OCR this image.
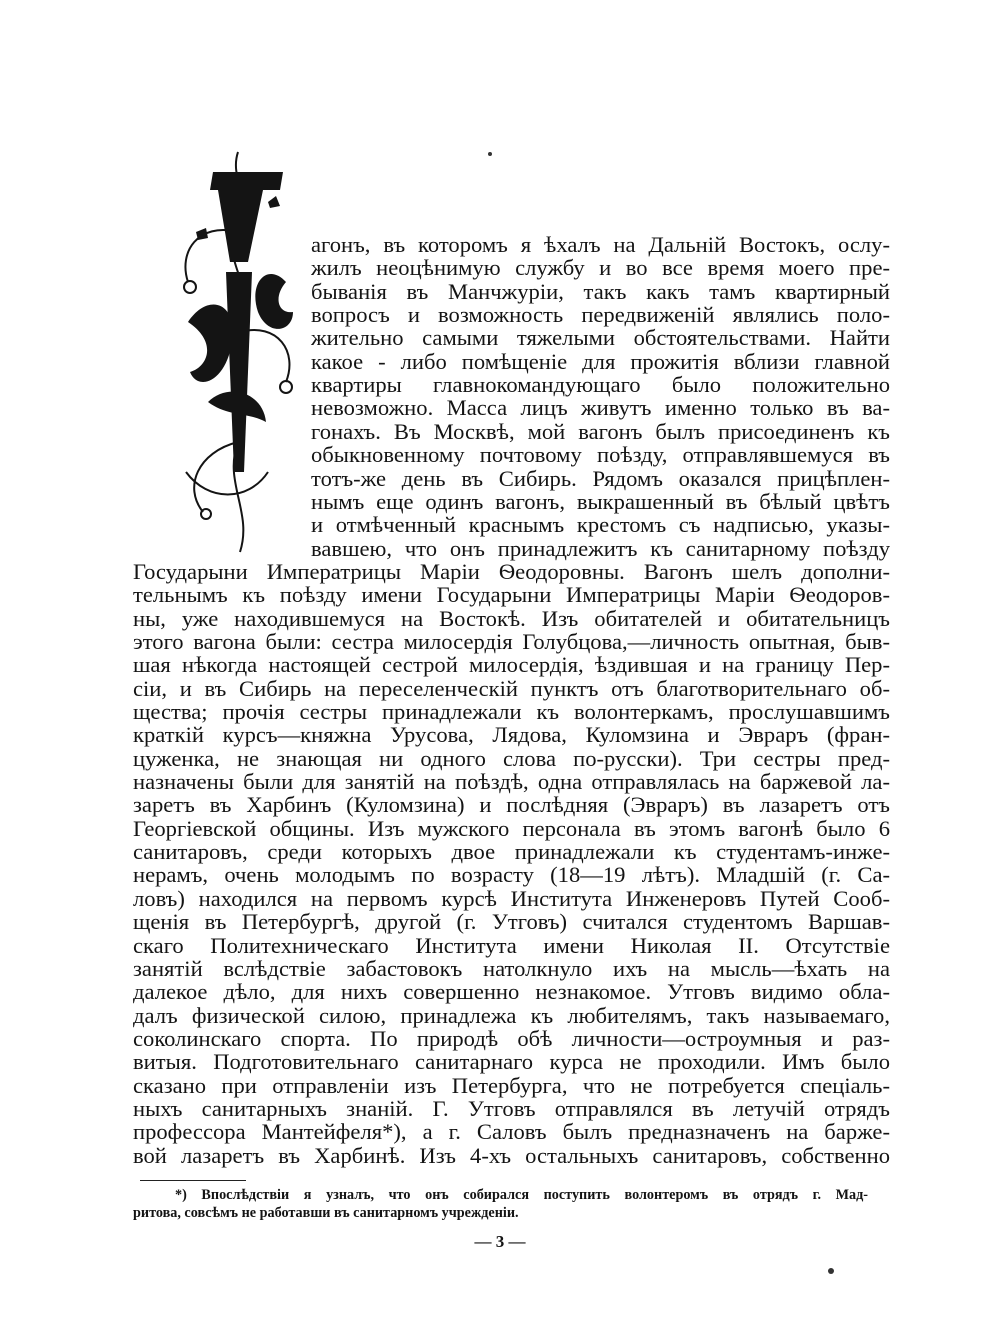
агонъ, въ которомъ я ѣхалъ на Дальній Востокъ, ослу-

жилъ неоцѣнимую службу и во все время моего пре-

быванія въ Манчжуріи, такъ какъ тамъ квартирный

вопросъ и возможность передвиженій являлись поло-

жительно самыми тяжелыми обстоятельствами. Найти

какое - либо помѣщеніе для прожитія вблизи главной

квартиры главнокомандующаго было положительно

невозможно. Масса лицъ живутъ именно только въ ва-

гонахъ. Въ Москвѣ, мой вагонъ былъ присоединенъ къ

обыкновенному почтовому поѣзду, отправлявшемуся въ

тотъ-же день въ Сибирь. Рядомъ оказался прицѣплен-

нымъ еще одинъ вагонъ, выкрашенный въ бѣлый цвѣтъ

и отмѣченный краснымъ крестомъ съ надписью, указы-

вавшею, что онъ принадлежитъ къ санитарному поѣзду

Государыни Императрицы Маріи Ѳеодоровны. Вагонъ шелъ дополни-

тельнымъ къ поѣзду имени Государыни Императрицы Маріи Ѳеодоров-

ны, уже находившемуся на Востокѣ. Изъ обитателей и обитательницъ

этого вагона были: сестра милосердія Голубцова,—личность опытная, быв-

шая нѣкогда настоящей сестрой милосердія, ѣздившая и на границу Пер-

сіи, и въ Сибирь на переселенческій пунктъ отъ благотворительнаго об-

щества; прочія сестры принадлежали къ волонтеркамъ, прослушавшимъ

краткій курсъ—княжна Урусова, Лядова, Куломзина и Эвраръ (фран-

цуженка, не знающая ни одного слова по-русски). Три сестры пред-

назначены были для занятій на поѣздѣ, одна отправлялась на баржевой ла-

заретъ въ Харбинъ (Куломзина) и послѣдняя (Эвраръ) въ лазаретъ отъ

Георгіевской общины. Изъ мужского персонала въ этомъ вагонѣ было 6

санитаровъ, среди которыхъ двое принадлежали къ студентамъ-инже-

нерамъ, очень молодымъ по возрасту (18—19 лѣтъ). Младшій (г. Са-

ловъ) находился на первомъ курсѣ Института Инженеровъ Путей Сооб-

щенія въ Петербургѣ, другой (г. Утговъ) считался студентомъ Варшав-

скаго Политехническаго Института имени Николая II. Отсутствіе

занятій вслѣдствіе забастовокъ натолкнуло ихъ на мысль—ѣхать на

далекое дѣло, для нихъ совершенно незнакомое. Утговъ видимо обла-

далъ физической силою, принадлежа къ любителямъ, такъ называемаго,

соколинскаго спорта. По природѣ обѣ личности—остроумныя и раз-

витыя. Подготовительнаго санитарнаго курса не проходили. Имъ было

сказано при отправленіи изъ Петербурга, что не потребуется спеціаль-

ныхъ санитарныхъ знаній. Г. Утговъ отправлялся въ летучій отрядъ

профессора Мантейфеля*), а г. Саловъ былъ предназначенъ на барже-

вой лазаретъ въ Харбинѣ. Изъ 4-хъ остальныхъ санитаровъ, собственно

*) Впослѣдствіи я узналъ, что онъ собирался поступить волонтеромъ въ отрядъ г. Мад-

ритова, совсѣмъ не работавши въ санитарномъ учрежденіи.

— 3 —
